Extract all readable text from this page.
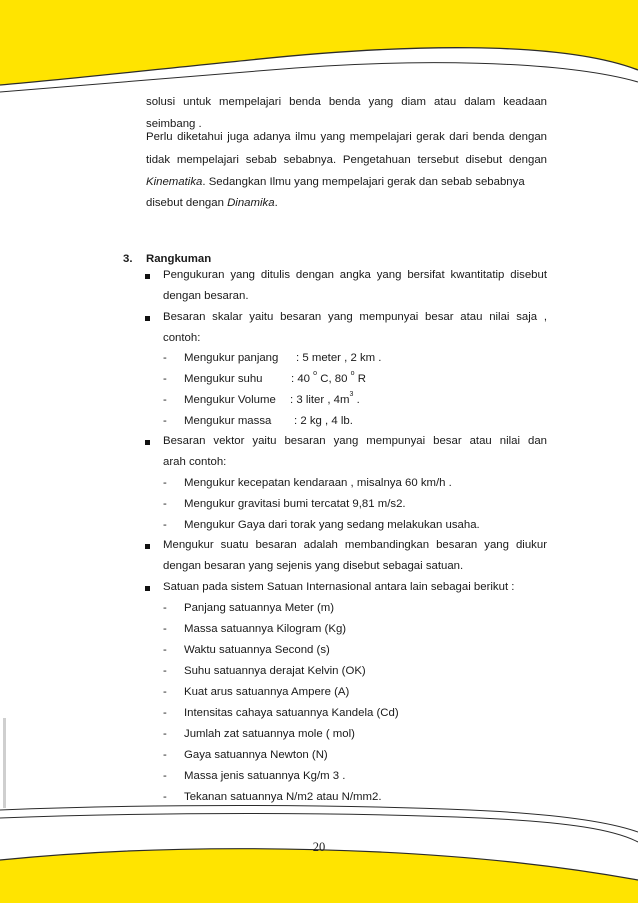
solusi untuk mempelajari benda benda yang diam atau dalam keadaan
seimbang .
Perlu diketahui juga adanya ilmu yang mempelajari gerak dari benda dengan
tidak mempelajari sebab sebabnya. Pengetahuan tersebut disebut dengan
Kinematika. Sedangkan Ilmu yang mempelajari gerak dan sebab sebabnya
disebut dengan Dinamika.
3. Rangkuman
Pengukuran yang ditulis dengan angka yang bersifat kwantitatip disebut
dengan besaran.
Besaran skalar yaitu besaran yang mempunyai besar atau nilai saja ,
contoh:
- Mengukur panjang : 5 meter , 2 km .
- Mengukur suhu : 40 $^o$ C, 80 $^o$ R
- Mengukur Volume : 3 liter , $4m^3$ .
- Mengukur massa : 2 kg , 4 lb.
Besaran vektor yaitu besaran yang mempunyai besar atau nilai dan
arah contoh:
- Mengukur kecepatan kendaraan , misalnya 60 km/h .
- Mengukur gravitasi bumi tercatat 9,81 m/s2.
- Mengukur Gaya dari torak yang sedang melakukan usaha.
Mengukur suatu besaran adalah membandingkan besaran yang diukur
dengan besaran yang sejenis yang disebut sebagai satuan.
Satuan pada sistem Satuan Internasional antara lain sebagai berikut :
- Panjang satuannya Meter (m)
- Massa satuannya Kilogram (Kg)
- Waktu satuannya Second (s)
- Suhu satuannya derajat Kelvin (OK)
- Kuat arus satuannya Ampere (A)
- Intensitas cahaya satuannya Kandela (Cd)
- Jumlah zat satuannya mole ( mol)
- Gaya satuannya Newton (N)
- Massa jenis satuannya Kg/m 3 .
- Tekanan satuannya N/m2 atau N/mm2.
20
